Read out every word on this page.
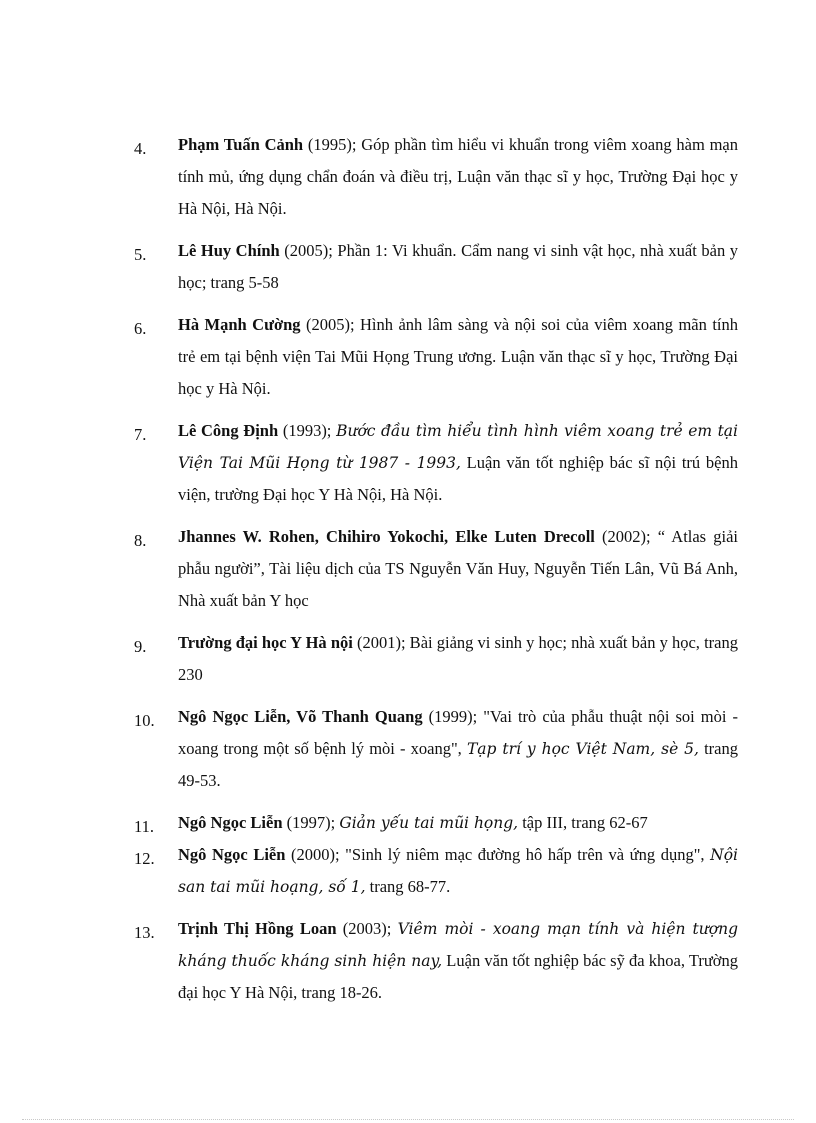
4. Phạm Tuấn Cảnh (1995); Góp phần tìm hiểu vi khuẩn trong viêm xoang hàm mạn tính mủ, ứng dụng chẩn đoán và điều trị, Luận văn thạc sĩ y học, Trường Đại học y Hà Nội, Hà Nội.
5. Lê Huy Chính (2005); Phần 1: Vi khuẩn. Cẩm nang vi sinh vật học, nhà xuất bản y học; trang 5-58
6. Hà Mạnh Cường (2005); Hình ảnh lâm sàng và nội soi của viêm xoang mãn tính trẻ em tại bệnh viện Tai Mũi Họng Trung ương. Luận văn thạc sĩ y học, Trường Đại học y Hà Nội.
7. Lê Công Định (1993); Bước đầu tìm hiểu tình hình viêm xoang trẻ em tại Viện Tai Mũi Họng từ 1987 - 1993, Luận văn tốt nghiệp bác sĩ nội trú bệnh viện, trường Đại học Y Hà Nội, Hà Nội.
8. Jhannes W. Rohen, Chihiro Yokochi, Elke Luten Drecoll (2002); “ Atlas giải phẫu người”, Tài liệu dịch của TS Nguyễn Văn Huy, Nguyễn Tiến Lân, Vũ Bá Anh, Nhà xuất bản Y học
9. Trường đại học Y Hà nội (2001); Bài giảng vi sinh y học; nhà xuất bản y học, trang 230
10. Ngô Ngọc Liễn, Võ Thanh Quang (1999); "Vai trò của phẫu thuật nội soi mòi - xoang trong một số bệnh lý mòi - xoang", Tạp trí y học Việt Nam, sè 5, trang 49-53.
11. Ngô Ngọc Liễn (1997); Giản yếu tai mũi họng, tập III, trang 62-67
12. Ngô Ngọc Liễn (2000); "Sinh lý niêm mạc đường hô hấp trên và ứng dụng", Nội san tai mũi hoạng, số 1, trang 68-77.
13. Trịnh Thị Hồng Loan (2003); Viêm mòi - xoang mạn tính và hiện tượng kháng thuốc kháng sinh hiện nay, Luận văn tốt nghiệp bác sỹ đa khoa, Trường đại học Y Hà Nội, trang 18-26.
